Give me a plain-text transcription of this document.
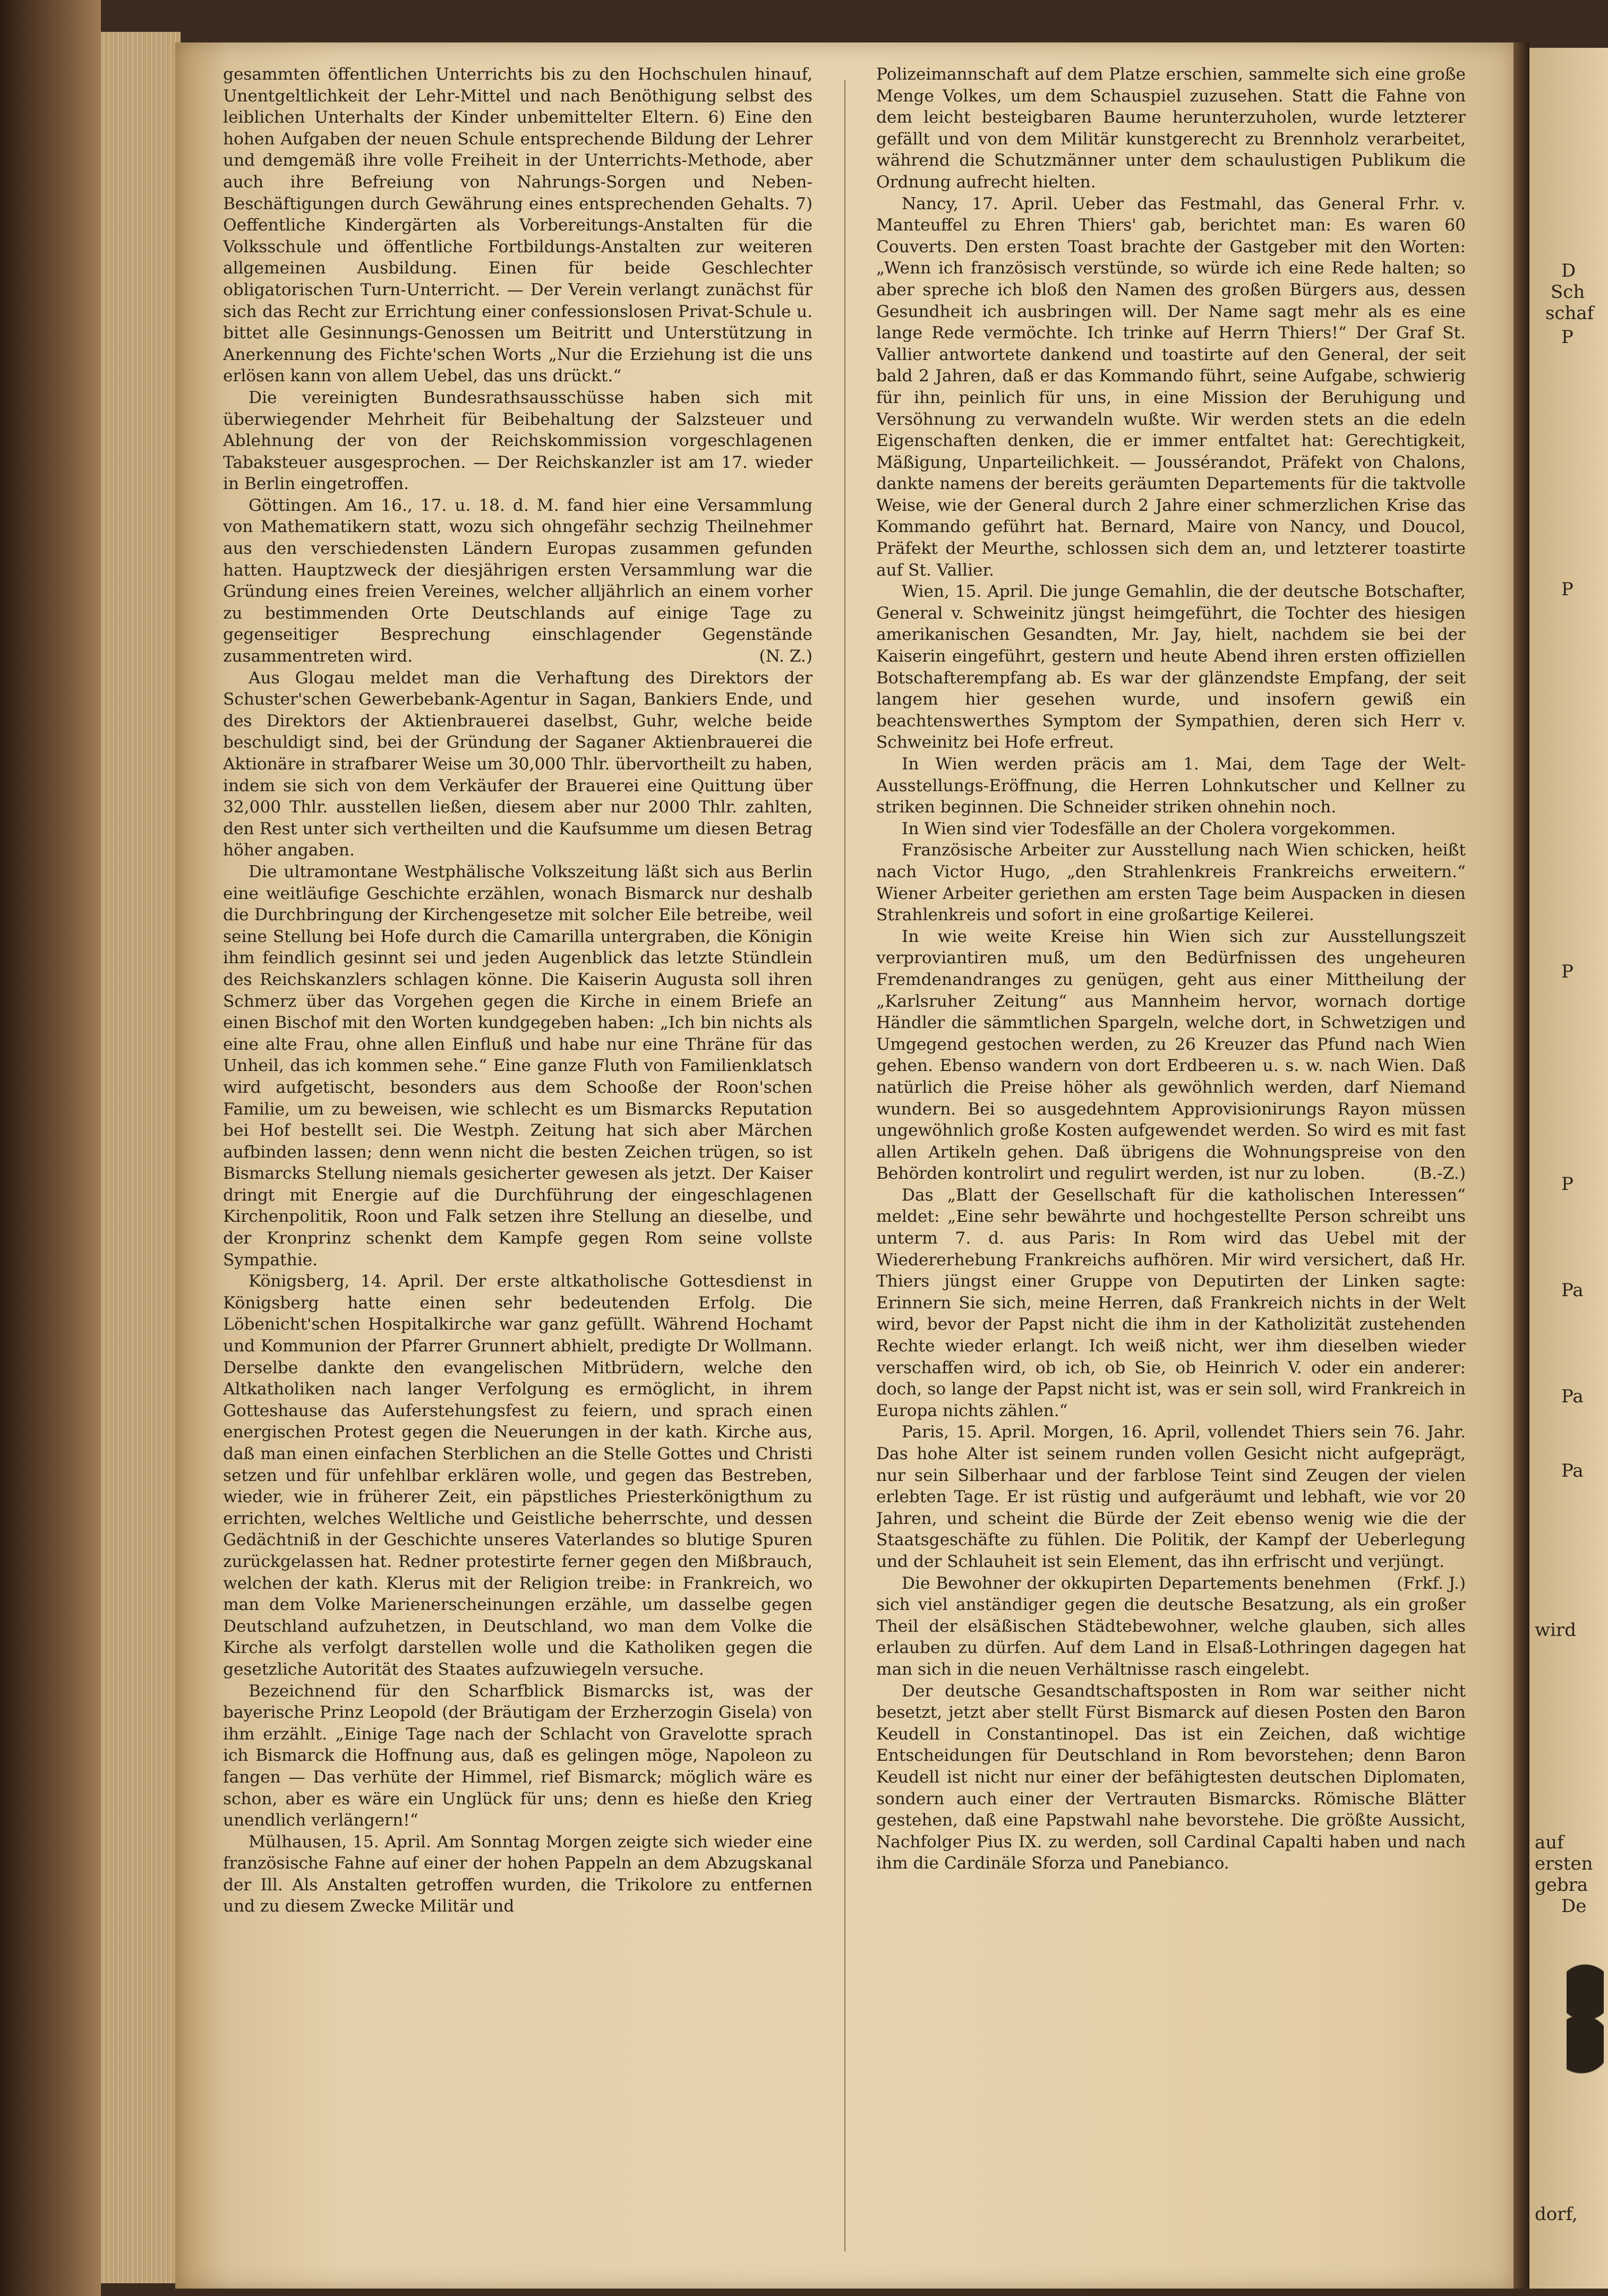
D
Sch
schaf
P
P
P
P
Pa
Pa
Pa
wird
auf
ersten
gebra
De
dorf,

gesammten öffentlichen Unterrichts bis zu den Hochschulen hinauf, Unentgeltlichkeit der Lehr-Mittel und nach Benöthigung selbst des leiblichen Unterhalts der Kinder unbemittelter Eltern. 6) Eine den hohen Aufgaben der neuen Schule entsprechende Bildung der Lehrer und demgemäß ihre volle Freiheit in der Unterrichts-Methode, aber auch ihre Befreiung von Nahrungs-Sorgen und Neben-Beschäftigungen durch Gewährung eines entsprechenden Gehalts. 7) Oeffentliche Kindergärten als Vorbereitungs-Anstalten für die Volksschule und öffentliche Fortbildungs-Anstalten zur weiteren allgemeinen Ausbildung. Einen für beide Geschlechter obligatorischen Turn-Unterricht. — Der Verein verlangt zunächst für sich das Recht zur Errichtung einer confessionslosen Privat-Schule u. bittet alle Gesinnungs-Genossen um Beitritt und Unterstützung in Anerkennung des Fichte'schen Worts „Nur die Erziehung ist die uns erlösen kann von allem Uebel, das uns drückt.“

Die vereinigten Bundesrathsausschüsse haben sich mit überwiegender Mehrheit für Beibehaltung der Salzsteuer und Ablehnung der von der Reichskommission vorgeschlagenen Tabaksteuer ausgesprochen. — Der Reichskanzler ist am 17. wieder in Berlin eingetroffen.

Göttingen. Am 16., 17. u. 18. d. M. fand hier eine Versammlung von Mathematikern statt, wozu sich ohngefähr sechzig Theilnehmer aus den verschiedensten Ländern Europas zusammen gefunden hatten. Hauptzweck der diesjährigen ersten Versammlung war die Gründung eines freien Vereines, welcher alljährlich an einem vorher zu bestimmenden Orte Deutschlands auf einige Tage zu gegenseitiger Besprechung einschlagender Gegenstände zusammentreten wird.	(N. Z.)

Aus Glogau meldet man die Verhaftung des Direktors der Schuster'schen Gewerbebank-Agentur in Sagan, Bankiers Ende, und des Direktors der Aktienbrauerei daselbst, Guhr, welche beide beschuldigt sind, bei der Gründung der Saganer Aktienbrauerei die Aktionäre in strafbarer Weise um 30,000 Thlr. übervortheilt zu haben, indem sie sich von dem Verkäufer der Brauerei eine Quittung über 32,000 Thlr. ausstellen ließen, diesem aber nur 2000 Thlr. zahlten, den Rest unter sich vertheilten und die Kaufsumme um diesen Betrag höher angaben.

Die ultramontane Westphälische Volkszeitung läßt sich aus Berlin eine weitläufige Geschichte erzählen, wonach Bismarck nur deshalb die Durchbringung der Kirchengesetze mit solcher Eile betreibe, weil seine Stellung bei Hofe durch die Camarilla untergraben, die Königin ihm feindlich gesinnt sei und jeden Augenblick das letzte Stündlein des Reichskanzlers schlagen könne. Die Kaiserin Augusta soll ihren Schmerz über das Vorgehen gegen die Kirche in einem Briefe an einen Bischof mit den Worten kundgegeben haben: „Ich bin nichts als eine alte Frau, ohne allen Einfluß und habe nur eine Thräne für das Unheil, das ich kommen sehe.“ Eine ganze Fluth von Familienklatsch wird aufgetischt, besonders aus dem Schooße der Roon'schen Familie, um zu beweisen, wie schlecht es um Bismarcks Reputation bei Hof bestellt sei. Die Westph. Zeitung hat sich aber Märchen aufbinden lassen; denn wenn nicht die besten Zeichen trügen, so ist Bismarcks Stellung niemals gesicherter gewesen als jetzt. Der Kaiser dringt mit Energie auf die Durchführung der eingeschlagenen Kirchenpolitik, Roon und Falk setzen ihre Stellung an dieselbe, und der Kronprinz schenkt dem Kampfe gegen Rom seine vollste Sympathie.

Königsberg, 14. April. Der erste altkatholische Gottesdienst in Königsberg hatte einen sehr bedeutenden Erfolg. Die Löbenicht'schen Hospitalkirche war ganz gefüllt. Während Hochamt und Kommunion der Pfarrer Grunnert abhielt, predigte Dr Wollmann. Derselbe dankte den evangelischen Mitbrüdern, welche den Altkatholiken nach langer Verfolgung es ermöglicht, in ihrem Gotteshause das Auferstehungsfest zu feiern, und sprach einen energischen Protest gegen die Neuerungen in der kath. Kirche aus, daß man einen einfachen Sterblichen an die Stelle Gottes und Christi setzen und für unfehlbar erklären wolle, und gegen das Bestreben, wieder, wie in früherer Zeit, ein päpstliches Priesterkönigthum zu errichten, welches Weltliche und Geistliche beherrschte, und dessen Gedächtniß in der Geschichte unseres Vaterlandes so blutige Spuren zurückgelassen hat. Redner protestirte ferner gegen den Mißbrauch, welchen der kath. Klerus mit der Religion treibe: in Frankreich, wo man dem Volke Marienerscheinungen erzähle, um dasselbe gegen Deutschland aufzuhetzen, in Deutschland, wo man dem Volke die Kirche als verfolgt darstellen wolle und die Katholiken gegen die gesetzliche Autorität des Staates aufzuwiegeln versuche.

Bezeichnend für den Scharfblick Bismarcks ist, was der bayerische Prinz Leopold (der Bräutigam der Erzherzogin Gisela) von ihm erzählt. „Einige Tage nach der Schlacht von Gravelotte sprach ich Bismarck die Hoffnung aus, daß es gelingen möge, Napoleon zu fangen — Das verhüte der Himmel, rief Bismarck; möglich wäre es schon, aber es wäre ein Unglück für uns; denn es hieße den Krieg unendlich verlängern!“

Mülhausen, 15. April. Am Sonntag Morgen zeigte sich wieder eine französische Fahne auf einer der hohen Pappeln an dem Abzugskanal der Ill. Als Anstalten getroffen wurden, die Trikolore zu entfernen und zu diesem Zwecke Militär und

Polizeimannschaft auf dem Platze erschien, sammelte sich eine große Menge Volkes, um dem Schauspiel zuzusehen. Statt die Fahne von dem leicht besteigbaren Baume herunterzuholen, wurde letzterer gefällt und von dem Militär kunstgerecht zu Brennholz verarbeitet, während die Schutzmänner unter dem schaulustigen Publikum die Ordnung aufrecht hielten.

Nancy, 17. April. Ueber das Festmahl, das General Frhr. v. Manteuffel zu Ehren Thiers' gab, berichtet man: Es waren 60 Couverts. Den ersten Toast brachte der Gastgeber mit den Worten: „Wenn ich französisch verstünde, so würde ich eine Rede halten; so aber spreche ich bloß den Namen des großen Bürgers aus, dessen Gesundheit ich ausbringen will. Der Name sagt mehr als es eine lange Rede vermöchte. Ich trinke auf Herrn Thiers!“ Der Graf St. Vallier antwortete dankend und toastirte auf den General, der seit bald 2 Jahren, daß er das Kommando führt, seine Aufgabe, schwierig für ihn, peinlich für uns, in eine Mission der Beruhigung und Versöhnung zu verwandeln wußte. Wir werden stets an die edeln Eigenschaften denken, die er immer entfaltet hat: Gerechtigkeit, Mäßigung, Unparteilichkeit. — Joussérandot, Präfekt von Chalons, dankte namens der bereits geräumten Departements für die taktvolle Weise, wie der General durch 2 Jahre einer schmerzlichen Krise das Kommando geführt hat. Bernard, Maire von Nancy, und Doucol, Präfekt der Meurthe, schlossen sich dem an, und letzterer toastirte auf St. Vallier.

Wien, 15. April. Die junge Gemahlin, die der deutsche Botschafter, General v. Schweinitz jüngst heimgeführt, die Tochter des hiesigen amerikanischen Gesandten, Mr. Jay, hielt, nachdem sie bei der Kaiserin eingeführt, gestern und heute Abend ihren ersten offiziellen Botschafterempfang ab. Es war der glänzendste Empfang, der seit langem hier gesehen wurde, und insofern gewiß ein beachtenswerthes Symptom der Sympathien, deren sich Herr v. Schweinitz bei Hofe erfreut.

In Wien werden präcis am 1. Mai, dem Tage der Welt-Ausstellungs-Eröffnung, die Herren Lohnkutscher und Kellner zu striken beginnen. Die Schneider striken ohnehin noch.

In Wien sind vier Todesfälle an der Cholera vorgekommen.

Französische Arbeiter zur Ausstellung nach Wien schicken, heißt nach Victor Hugo, „den Strahlenkreis Frankreichs erweitern.“ Wiener Arbeiter geriethen am ersten Tage beim Auspacken in diesen Strahlenkreis und sofort in eine großartige Keilerei.

In wie weite Kreise hin Wien sich zur Ausstellungszeit verproviantiren muß, um den Bedürfnissen des ungeheuren Fremdenandranges zu genügen, geht aus einer Mittheilung der „Karlsruher Zeitung“ aus Mannheim hervor, wornach dortige Händler die sämmtlichen Spargeln, welche dort, in Schwetzigen und Umgegend gestochen werden, zu 26 Kreuzer das Pfund nach Wien gehen. Ebenso wandern von dort Erdbeeren u. s. w. nach Wien. Daß natürlich die Preise höher als gewöhnlich werden, darf Niemand wundern. Bei so ausgedehntem Approvisionirungs Rayon müssen ungewöhnlich große Kosten aufgewendet werden. So wird es mit fast allen Artikeln gehen. Daß übrigens die Wohnungspreise von den Behörden kontrolirt und regulirt werden, ist nur zu loben.	(B.-Z.)

Das „Blatt der Gesellschaft für die katholischen Interessen“ meldet: „Eine sehr bewährte und hochgestellte Person schreibt uns unterm 7. d. aus Paris: In Rom wird das Uebel mit der Wiedererhebung Frankreichs aufhören. Mir wird versichert, daß Hr. Thiers jüngst einer Gruppe von Deputirten der Linken sagte: Erinnern Sie sich, meine Herren, daß Frankreich nichts in der Welt wird, bevor der Papst nicht die ihm in der Katholizität zustehenden Rechte wieder erlangt. Ich weiß nicht, wer ihm dieselben wieder verschaffen wird, ob ich, ob Sie, ob Heinrich V. oder ein anderer: doch, so lange der Papst nicht ist, was er sein soll, wird Frankreich in Europa nichts zählen.“

Paris, 15. April. Morgen, 16. April, vollendet Thiers sein 76. Jahr. Das hohe Alter ist seinem runden vollen Gesicht nicht aufgeprägt, nur sein Silberhaar und der farblose Teint sind Zeugen der vielen erlebten Tage. Er ist rüstig und aufgeräumt und lebhaft, wie vor 20 Jahren, und scheint die Bürde der Zeit ebenso wenig wie die der Staatsgeschäfte zu fühlen. Die Politik, der Kampf der Ueberlegung und der Schlauheit ist sein Element, das ihn erfrischt und verjüngt.
(Frkf. J.)

Die Bewohner der okkupirten Departements benehmen sich viel anständiger gegen die deutsche Besatzung, als ein großer Theil der elsäßischen Städtebewohner, welche glauben, sich alles erlauben zu dürfen. Auf dem Land in Elsaß-Lothringen dagegen hat man sich in die neuen Verhältnisse rasch eingelebt.

Der deutsche Gesandtschaftsposten in Rom war seither nicht besetzt, jetzt aber stellt Fürst Bismarck auf diesen Posten den Baron Keudell in Constantinopel. Das ist ein Zeichen, daß wichtige Entscheidungen für Deutschland in Rom bevorstehen; denn Baron Keudell ist nicht nur einer der befähigtesten deutschen Diplomaten, sondern auch einer der Vertrauten Bismarcks. Römische Blätter gestehen, daß eine Papstwahl nahe bevorstehe. Die größte Aussicht, Nachfolger Pius IX. zu werden, soll Cardinal Capalti haben und nach ihm die Cardinäle Sforza und Panebianco.
